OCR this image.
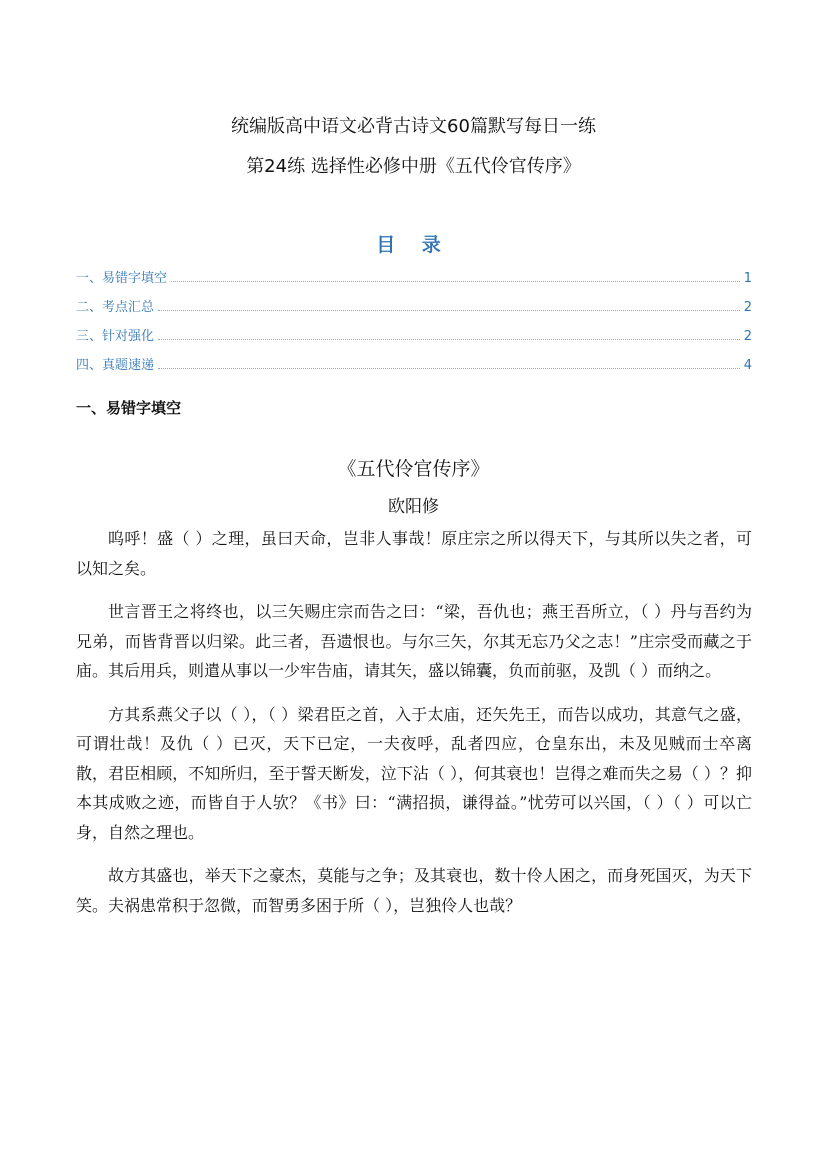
统编版高中语文必背古诗文60篇默写每日一练
第24练 选择性必修中册《五代伶官传序》
目 录
一、易错字填空	1
二、考点汇总	2
三、针对强化	2
四、真题速递	4
一、易错字填空
《五代伶官传序》
欧阳修

呜呼！盛（ ）之理，虽曰天命，岂非人事哉！原庄宗之所以得天下，与其所以失之者，可以知之矣。

世言晋王之将终也，以三矢赐庄宗而告之曰：“梁，吾仇也；燕王吾所立，（ ）丹与吾约为兄弟，而皆背晋以归梁。此三者，吾遗恨也。与尔三矢，尔其无忘乃父之志！”庄宗受而藏之于庙。其后用兵，则遣从事以一少牢告庙，请其矢，盛以锦囊，负而前驱，及凯（ ）而纳之。

方其系燕父子以（ ），（ ）梁君臣之首，入于太庙，还矢先王，而告以成功，其意气之盛，可谓壮哉！及仇（ ）已灭，天下已定，一夫夜呼，乱者四应，仓皇东出，未及见贼而士卒离散，君臣相顾，不知所归，至于誓天断发，泣下沾（ ），何其衰也！岂得之难而失之易（ ）？抑本其成败之迹，而皆自于人欤？《书》曰：“满招损，谦得益。”忧劳可以兴国，（ ）（ ）可以亡身，自然之理也。

故方其盛也，举天下之豪杰，莫能与之争；及其衰也，数十伶人困之，而身死国灭，为天下笑。夫祸患常积于忽微，而智勇多困于所（ ），岂独伶人也哉？
